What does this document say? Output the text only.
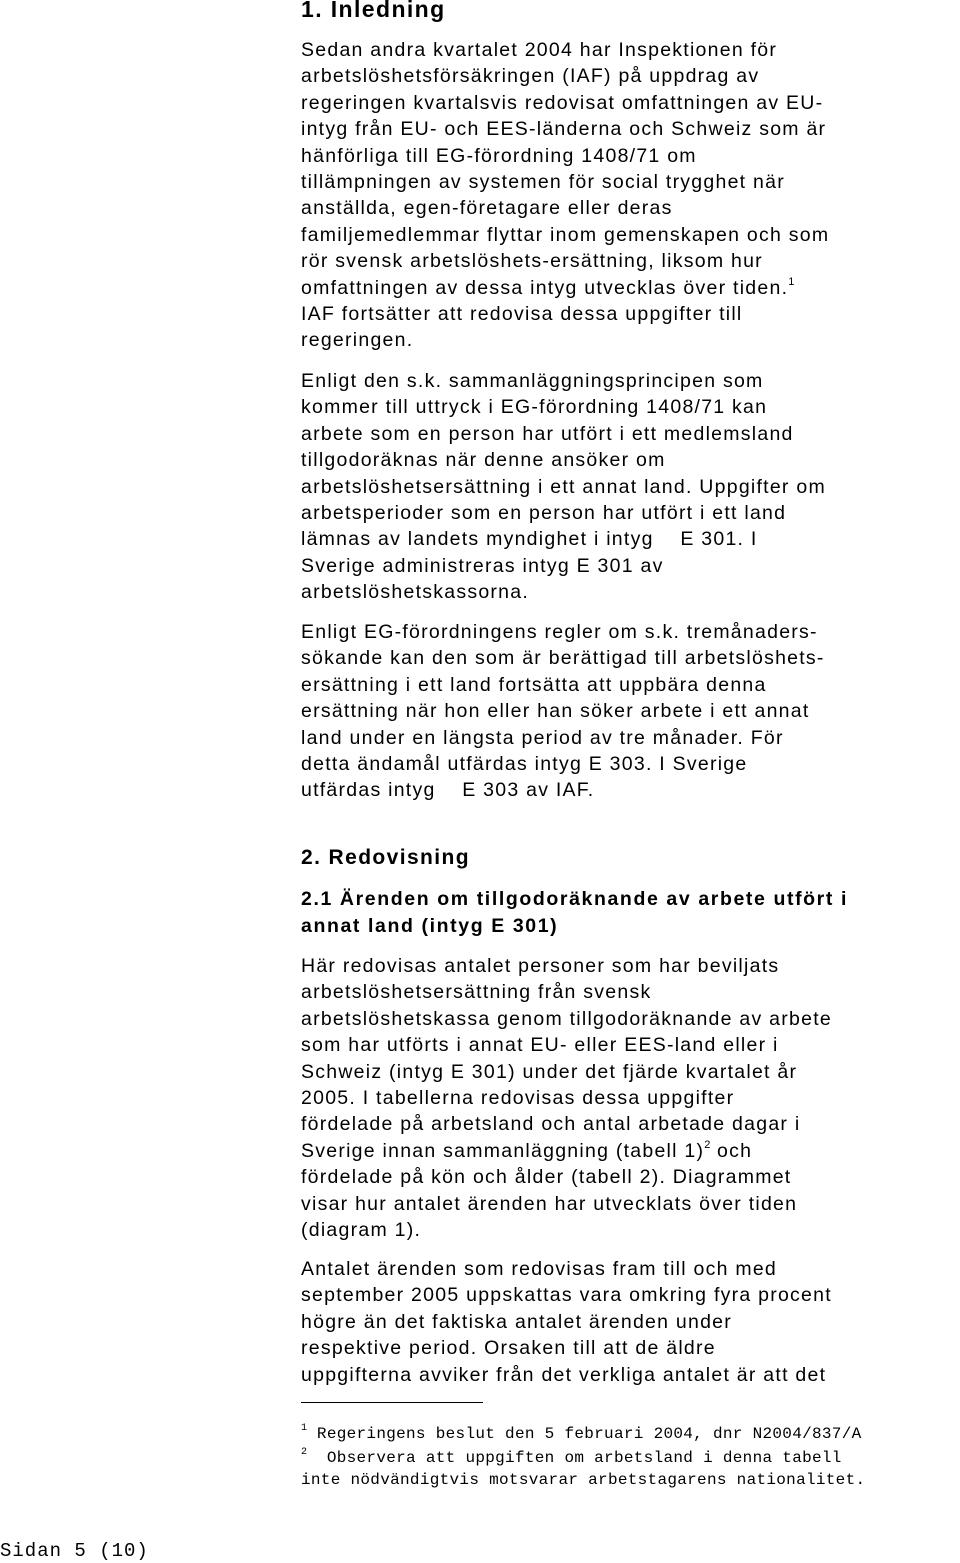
1. Inledning
Sedan andra kvartalet 2004 har Inspektionen för
arbetslöshetsförsäkringen (IAF) på uppdrag av
regeringen kvartalsvis redovisat omfattningen av EU-
intyg från EU- och EES-länderna och Schweiz som är
hänförliga till EG-förordning 1408/71 om
tillämpningen av systemen för social trygghet när
anställda, egen-företagare eller deras
familjemedlemmar flyttar inom gemenskapen och som
rör svensk arbetslöshets-ersättning, liksom hur
omfattningen av dessa intyg utvecklas över tiden.$^1$
IAF fortsätter att redovisa dessa uppgifter till
regeringen.
Enligt den s.k. sammanläggningsprincipen som
kommer till uttryck i EG-förordning 1408/71 kan
arbete som en person har utfört i ett medlemsland
tillgodoräknas när denne ansöker om
arbetslöshetsersättning i ett annat land. Uppgifter om
arbetsperioder som en person har utfört i ett land
lämnas av landets myndighet i intyg    E 301. I
Sverige administreras intyg E 301 av
arbetslöshetskassorna.
Enligt EG-förordningens regler om s.k. tremånaders-
sökande kan den som är berättigad till arbetslöshets-
ersättning i ett land fortsätta att uppbära denna
ersättning när hon eller han söker arbete i ett annat
land under en längsta period av tre månader. För
detta ändamål utfärdas intyg E 303. I Sverige
utfärdas intyg    E 303 av IAF.
2. Redovisning
2.1 Ärenden om tillgodoräknande av arbete utfört i
annat land (intyg E 301)
Här redovisas antalet personer som har beviljats
arbetslöshetsersättning från svensk
arbetslöshetskassa genom tillgodoräknande av arbete
som har utförts i annat EU- eller EES-land eller i
Schweiz (intyg E 301) under det fjärde kvartalet år
2005. I tabellerna redovisas dessa uppgifter
fördelade på arbetsland och antal arbetade dagar i
Sverige innan sammanläggning (tabell 1)$^2$ och
fördelade på kön och ålder (tabell 2). Diagrammet
visar hur antalet ärenden har utvecklats över tiden
(diagram 1).
Antalet ärenden som redovisas fram till och med
september 2005 uppskattas vara omkring fyra procent
högre än det faktiska antalet ärenden under
respektive period. Orsaken till att de äldre
uppgifterna avviker från det verkliga antalet är att det
$^1$ Regeringens beslut den 5 februari 2004, dnr N2004/837/A
$^2$  Observera att uppgiften om arbetsland i denna tabell
inte nödvändigtvis motsvarar arbetstagarens nationalitet.
Sidan 5 (10)
